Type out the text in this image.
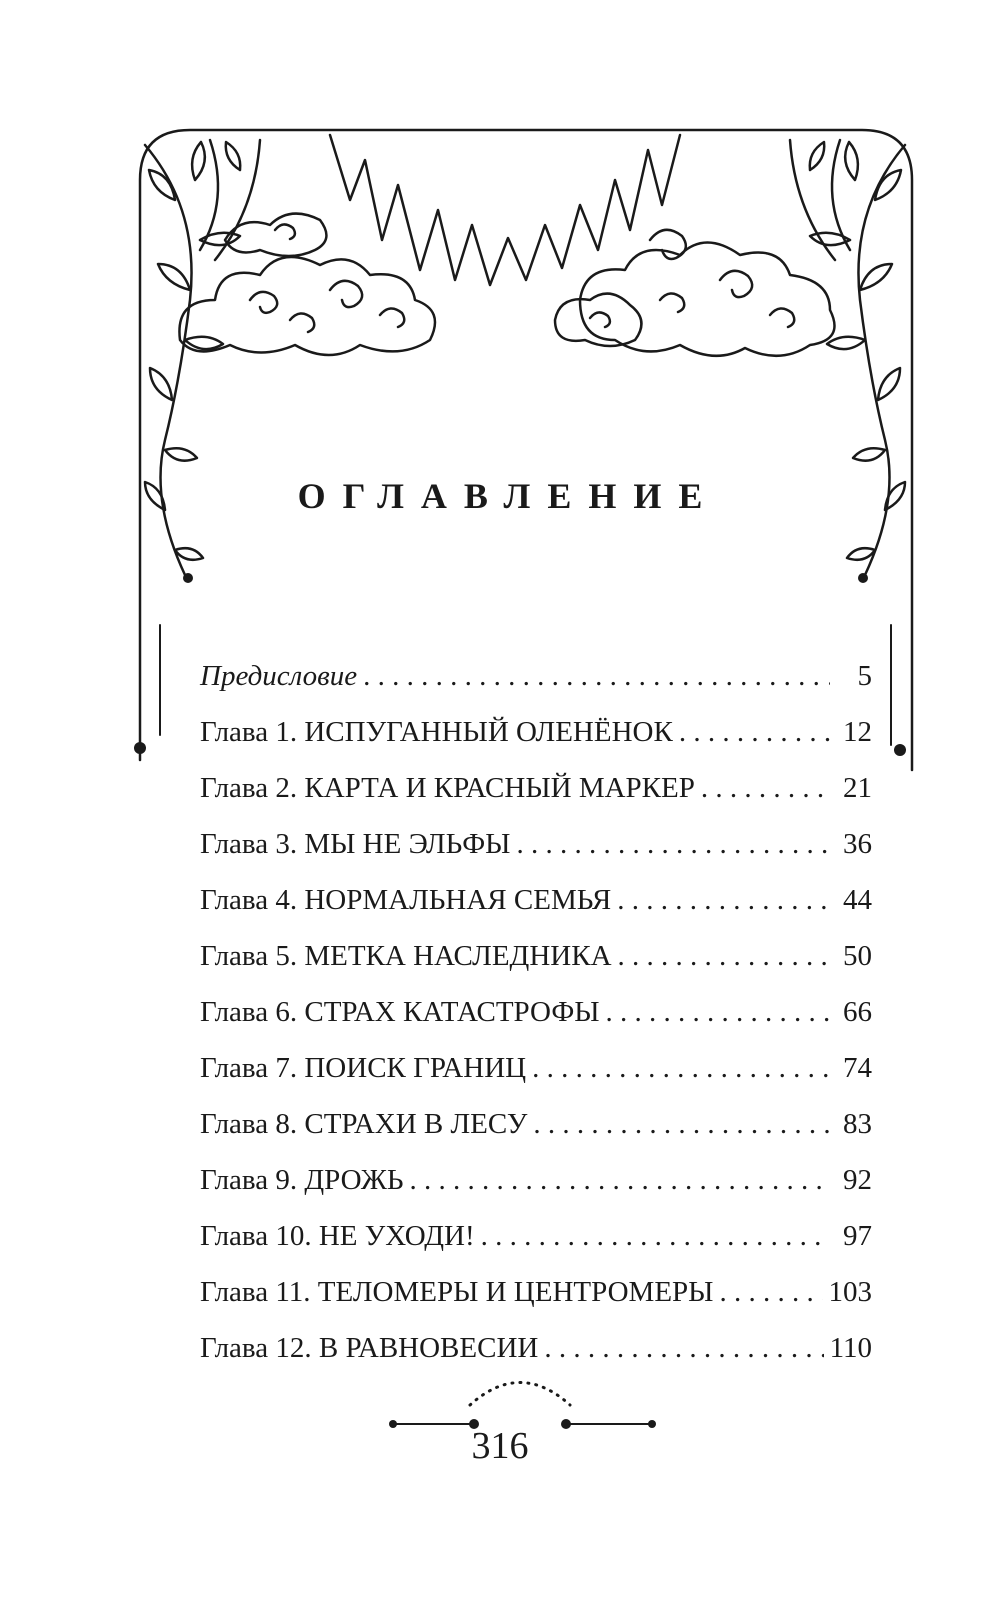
ОГЛАВЛЕНИЕ
Предисловие . . .	5
Глава 1. ИСПУГАННЫЙ ОЛЕНЁНОК . . .	12
Глава 2. КАРТА И КРАСНЫЙ МАРКЕР . . .	21
Глава 3. МЫ НЕ ЭЛЬФЫ . . .	36
Глава 4. НОРМАЛЬНАЯ СЕМЬЯ . . .	44
Глава 5. МЕТКА НАСЛЕДНИКА . . .	50
Глава 6. СТРАХ КАТАСТРОФЫ . . .	66
Глава 7. ПОИСК ГРАНИЦ . . .	74
Глава 8. СТРАХИ В ЛЕСУ . . .	83
Глава 9. ДРОЖЬ . . .	92
Глава 10. НЕ УХОДИ! . . .	97
Глава 11. ТЕЛОМЕРЫ И ЦЕНТРОМЕРЫ . . .	103
Глава 12. В РАВНОВЕСИИ . . .	110
316
